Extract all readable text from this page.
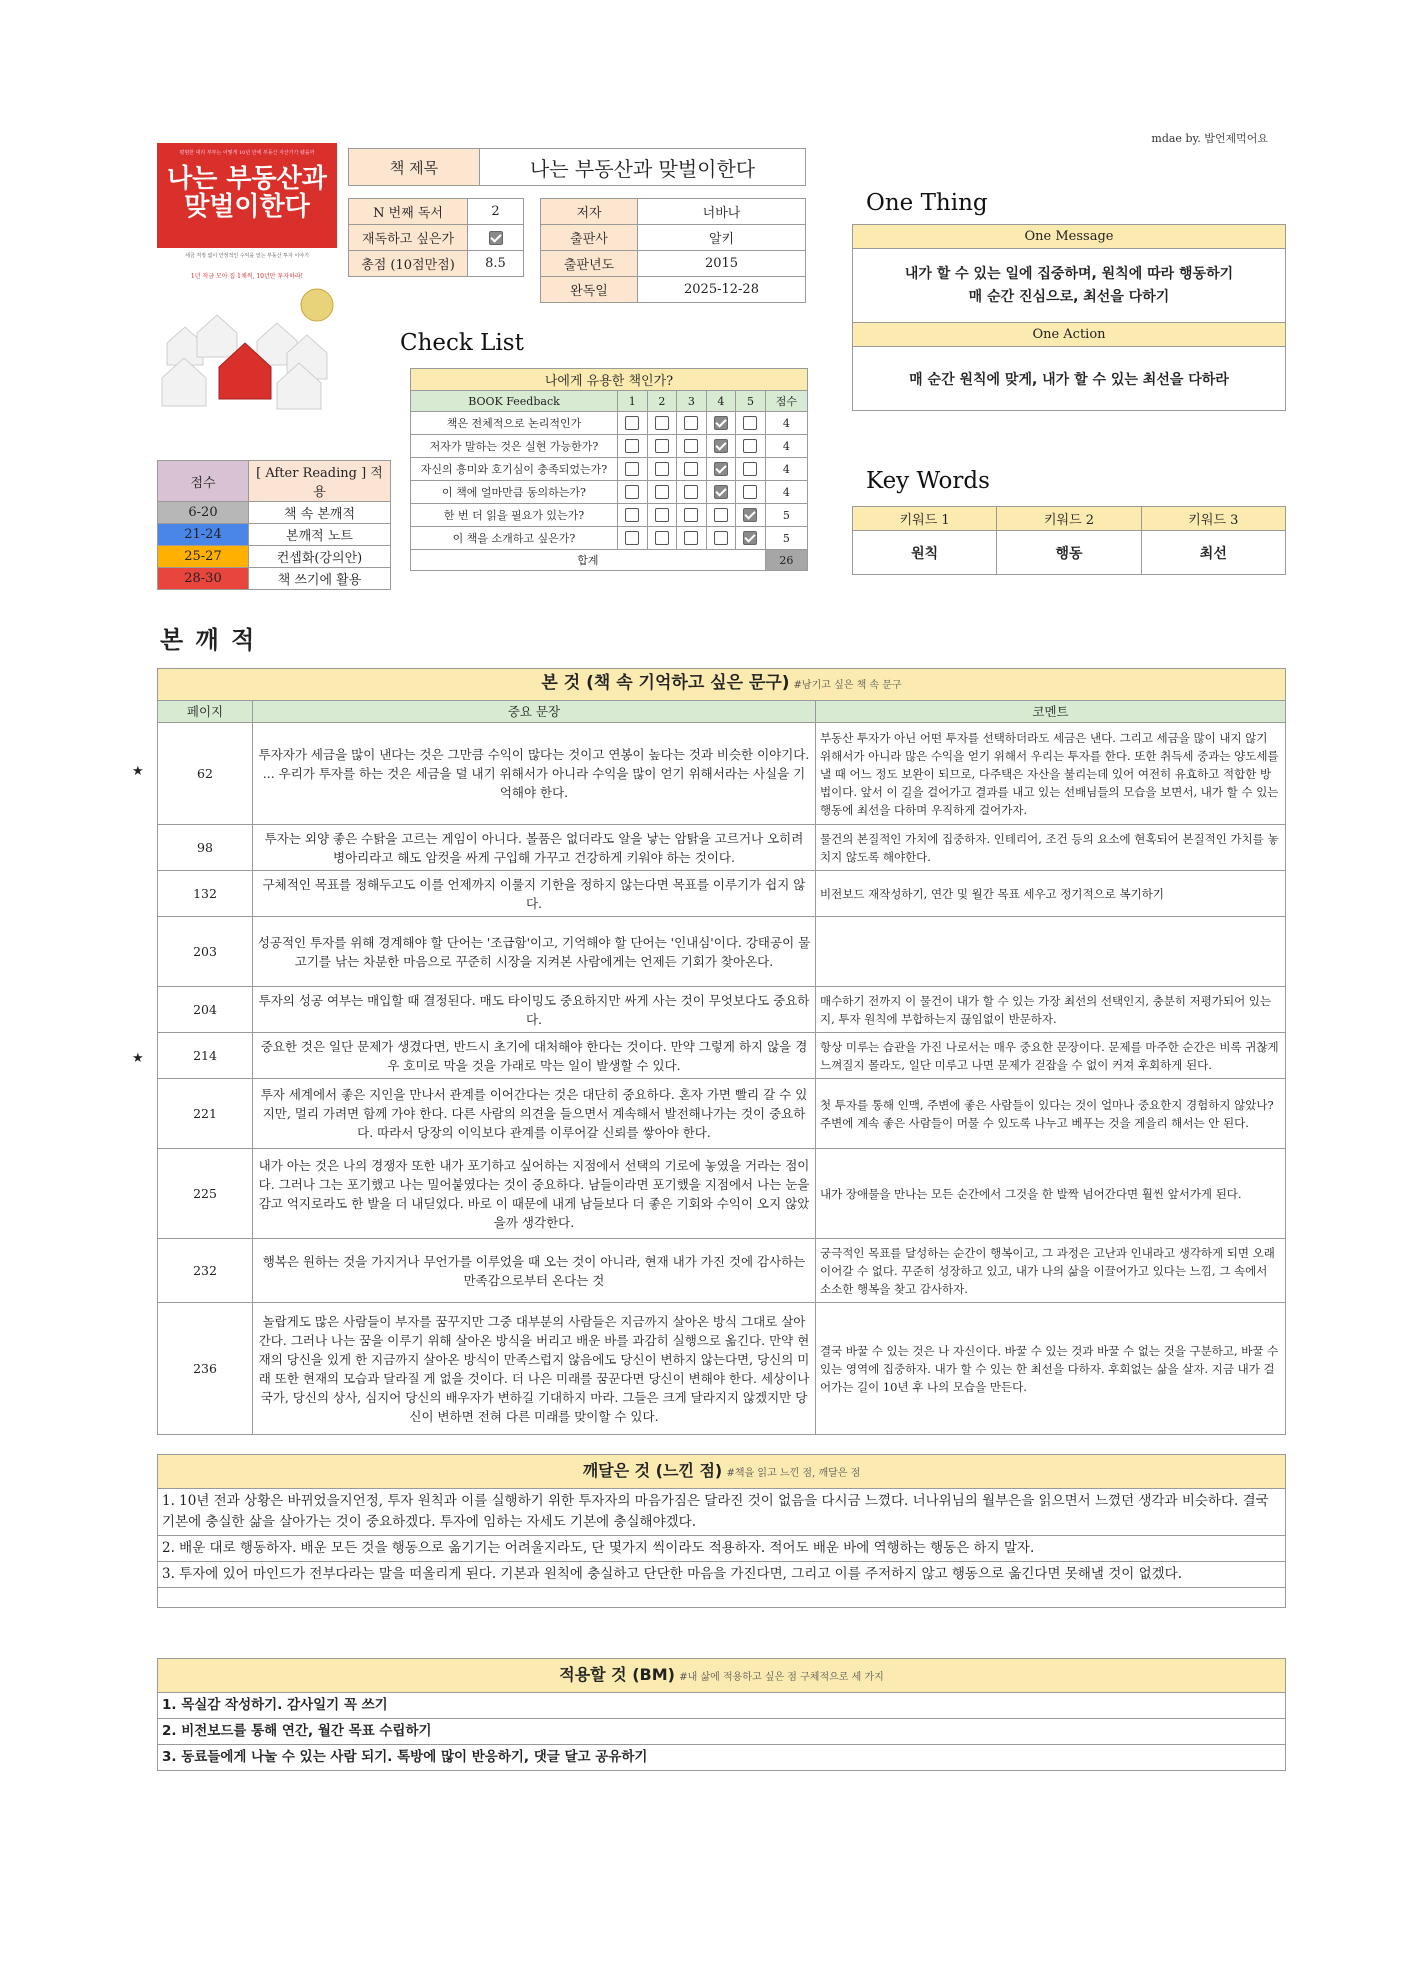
mdae by. 밥언제먹어요
평범한 대리 부부는 어떻게 10년 만에 부동산 자산가가 됐을까
나는 부동산과
맞벌이한다
세금 걱정 없이 안정적인 수익을 얻는 부동산 투자 이야기
1년 적금 모아 집 1채씩, 10년만 투자하라!
책 제목	나는 부동산과 맞벌이한다
N 번째 독서	2
재독하고 싶은가	
총점 (10점만점)	8.5
저자	너바나
출판사	알키
출판년도	2015
완독일	2025-12-28
점수	[ After Reading ] 적용
6-20	책 속 본깨적
21-24	본깨적 노트
25-27	컨셉화(강의안)
28-30	책 쓰기에 활용
Check List
나에게 유용한 책인가?						
BOOK Feedback	1	2	3	4	5	점수
책은 전체적으로 논리적인가						4
저자가 말하는 것은 실현 가능한가?						4
자신의 흥미와 호기심이 충족되었는가?						4
이 책에 얼마만큼 동의하는가?						4
한 번 더 읽을 필요가 있는가?						5
이 책을 소개하고 싶은가?						5
합계						26
One Thing
One Message

내가 할 수 있는 일에 집중하며, 원칙에 따라 행동하기
매 순간 진심으로, 최선을 다하기

One Action
매 순간 원칙에 맞게, 내가 할 수 있는 최선을 다하라
Key Words
키워드 1	키워드 2	키워드 3
원칙	행동	최선
본 깨 적
★
★
본 것 (책 속 기억하고 싶은 문구) #남기고 싶은 책 속 문구		
페이지	중요 문장	코멘트
62	투자자가 세금을 많이 낸다는 것은 그만큼 수익이 많다는 것이고 연봉이 높다는 것과 비슷한 이야기다. ... 우리가 투자를 하는 것은 세금을 덜 내기 위해서가 아니라 수익을 많이 얻기 위해서라는 사실을 기억해야 한다.	부동산 투자가 아닌 어떤 투자를 선택하더라도 세금은 낸다. 그리고 세금을 많이 내지 않기 위해서가 아니라 많은 수익을 얻기 위해서 우리는 투자를 한다. 또한 취득세 중과는 양도세를 낼 때 어느 정도 보완이 되므로, 다주택은 자산을 불리는데 있어 여전히 유효하고 적합한 방법이다. 앞서 이 길을 걸어가고 결과를 내고 있는 선배님들의 모습을 보면서, 내가 할 수 있는 행동에 최선을 다하며 우직하게 걸어가자.
98	투자는 외양 좋은 수탉을 고르는 게임이 아니다. 볼품은 없더라도 알을 낳는 암탉을 고르거나 오히려 병아리라고 해도 암컷을 싸게 구입해 가꾸고 건강하게 키워야 하는 것이다.	물건의 본질적인 가치에 집중하자. 인테리어, 조건 등의 요소에 현혹되어 본질적인 가치를 놓치지 않도록 해야한다.
132	구체적인 목표를 정해두고도 이를 언제까지 이룰지 기한을 정하지 않는다면 목표를 이루기가 쉽지 않다.	비전보드 재작성하기, 연간 및 월간 목표 세우고 정기적으로 복기하기
203	성공적인 투자를 위해 경계해야 할 단어는 '조급함'이고, 기억해야 할 단어는 '인내심'이다. 강태공이 물고기를 낚는 차분한 마음으로 꾸준히 시장을 지켜본 사람에게는 언제든 기회가 찾아온다.	
204	투자의 성공 여부는 매입할 때 결정된다. 매도 타이밍도 중요하지만 싸게 사는 것이 무엇보다도 중요하다.	매수하기 전까지 이 물건이 내가 할 수 있는 가장 최선의 선택인지, 충분히 저평가되어 있는지, 투자 원칙에 부합하는지 끊임없이 반문하자.
214	중요한 것은 일단 문제가 생겼다면, 반드시 초기에 대처해야 한다는 것이다. 만약 그렇게 하지 않을 경우 호미로 막을 것을 가래로 막는 일이 발생할 수 있다.	항상 미루는 습관을 가진 나로서는 매우 중요한 문장이다. 문제를 마주한 순간은 비록 귀찮게 느껴질지 몰라도, 일단 미루고 나면 문제가 걷잡을 수 없이 커져 후회하게 된다.
221	투자 세계에서 좋은 지인을 만나서 관계를 이어간다는 것은 대단히 중요하다. 혼자 가면 빨리 갈 수 있지만, 멀리 가려면 함께 가야 한다. 다른 사람의 의견을 들으면서 계속해서 발전해나가는 것이 중요하다. 따라서 당장의 이익보다 관계를 이루어갈 신뢰를 쌓아야 한다.	첫 투자를 통해 인맥, 주변에 좋은 사람들이 있다는 것이 얼마나 중요한지 경험하지 않았나? 주변에 계속 좋은 사람들이 머물 수 있도록 나누고 베푸는 것을 게을리 해서는 안 된다.
225	내가 아는 것은 나의 경쟁자 또한 내가 포기하고 싶어하는 지점에서 선택의 기로에 놓였을 거라는 점이다. 그러나 그는 포기했고 나는 밀어붙였다는 것이 중요하다. 남들이라면 포기했을 지점에서 나는 눈을 감고 억지로라도 한 발을 더 내딛었다. 바로 이 때문에 내게 남들보다 더 좋은 기회와 수익이 오지 않았을까 생각한다.	내가 장애물을 만나는 모든 순간에서 그것을 한 발짝 넘어간다면 훨씬 앞서가게 된다.
232	행복은 원하는 것을 가지거나 무언가를 이루었을 때 오는 것이 아니라, 현재 내가 가진 것에 감사하는 만족감으로부터 온다는 것	궁극적인 목표를 달성하는 순간이 행복이고, 그 과정은 고난과 인내라고 생각하게 되면 오래 이어갈 수 없다. 꾸준히 성장하고 있고, 내가 나의 삶을 이끌어가고 있다는 느낌, 그 속에서 소소한 행복을 찾고 감사하자.
236	놀랍게도 많은 사람들이 부자를 꿈꾸지만 그중 대부분의 사람들은 지금까지 살아온 방식 그대로 살아간다. 그러나 나는 꿈을 이루기 위해 살아온 방식을 버리고 배운 바를 과감히 실행으로 옮긴다. 만약 현재의 당신을 있게 한 지금까지 살아온 방식이 만족스럽지 않음에도 당신이 변하지 않는다면, 당신의 미래 또한 현재의 모습과 달라질 게 없을 것이다. 더 나은 미래를 꿈꾼다면 당신이 변해야 한다. 세상이나 국가, 당신의 상사, 심지어 당신의 배우자가 변하길 기대하지 마라. 그들은 크게 달라지지 않겠지만 당신이 변하면 전혀 다른 미래를 맞이할 수 있다.	결국 바꿀 수 있는 것은 나 자신이다. 바꿀 수 있는 것과 바꿀 수 없는 것을 구분하고, 바꿀 수 있는 영역에 집중하자. 내가 할 수 있는 한 최선을 다하자. 후회없는 삶을 살자. 지금 내가 걸어가는 길이 10년 후 나의 모습을 만든다.
깨달은 것 (느낀 점) #책을 읽고 느낀 점, 깨달은 점
1. 10년 전과 상황은 바뀌었을지언정, 투자 원칙과 이를 실행하기 위한 투자자의 마음가짐은 달라진 것이 없음을 다시금 느꼈다. 너나위님의 월부은을 읽으면서 느꼈던 생각과 비슷하다. 결국 기본에 충실한 삶을 살아가는 것이 중요하겠다. 투자에 임하는 자세도 기본에 충실해야겠다.
2. 배운 대로 행동하자. 배운 모든 것을 행동으로 옮기기는 어려울지라도, 단 몇가지 씩이라도 적용하자. 적어도 배운 바에 역행하는 행동은 하지 말자.
3. 투자에 있어 마인드가 전부다라는 말을 떠올리게 된다. 기본과 원칙에 충실하고 단단한 마음을 가진다면, 그리고 이를 주저하지 않고 행동으로 옮긴다면 못해낼 것이 없겠다.

적용할 것 (BM) #내 삶에 적용하고 싶은 점 구체적으로 세 가지
1. 목실감 작성하기. 감사일기 꼭 쓰기
2. 비전보드를 통해 연간, 월간 목표 수립하기
3. 동료들에게 나눌 수 있는 사람 되기. 톡방에 많이 반응하기, 댓글 달고 공유하기
